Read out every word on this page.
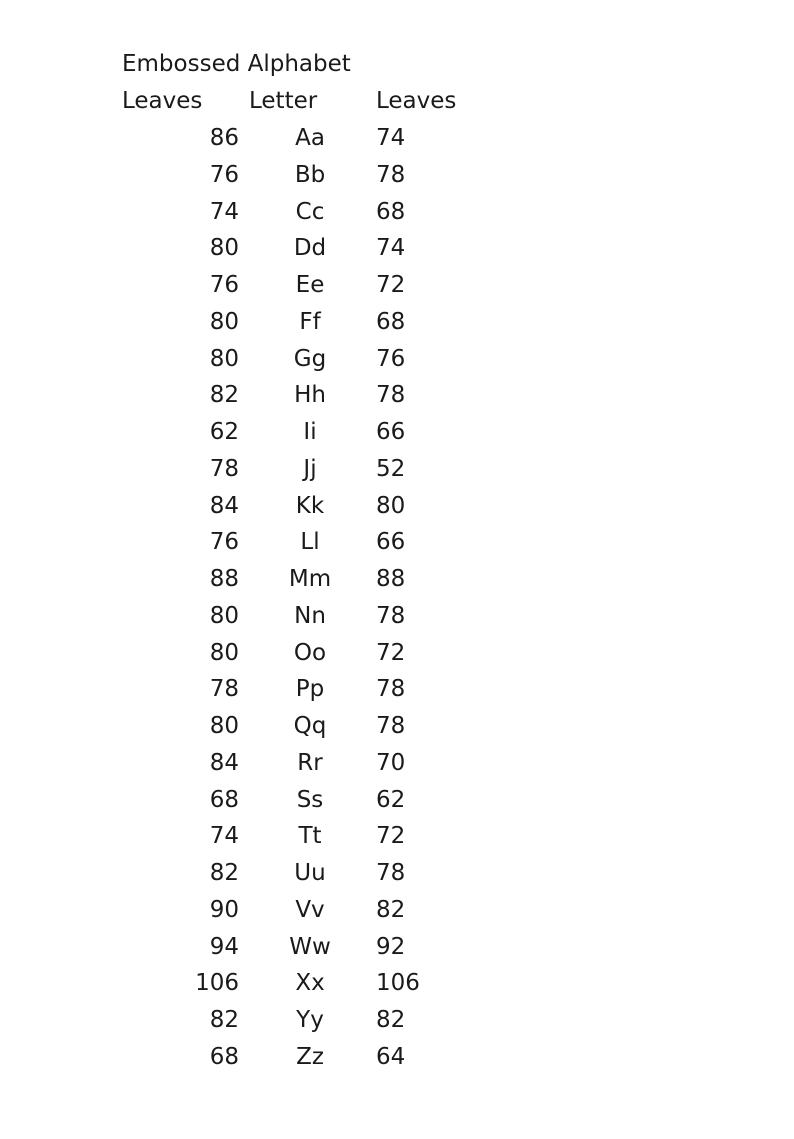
Embossed Alphabet
Leaves Letter	Leaves
86 Aa 74
76 Bb 78
74 Cc 68
80 Dd 74
76 Ee 72
80	Ff 68
80 Gg 76
82 Hh 78
62	Ii	66
78	Jj	52
84 Kk 80
76	Ll 66
88 Mm 88
80 Nn 78
80 Oo 72
78 Pp 78
80 Qq 78
84	Rr 70
68	Ss 62
74	Tt 72
82 Uu 78
90 Vv 82
94 Ww 92
106 Xx 106
82 Yy 82
68 Zz 64
